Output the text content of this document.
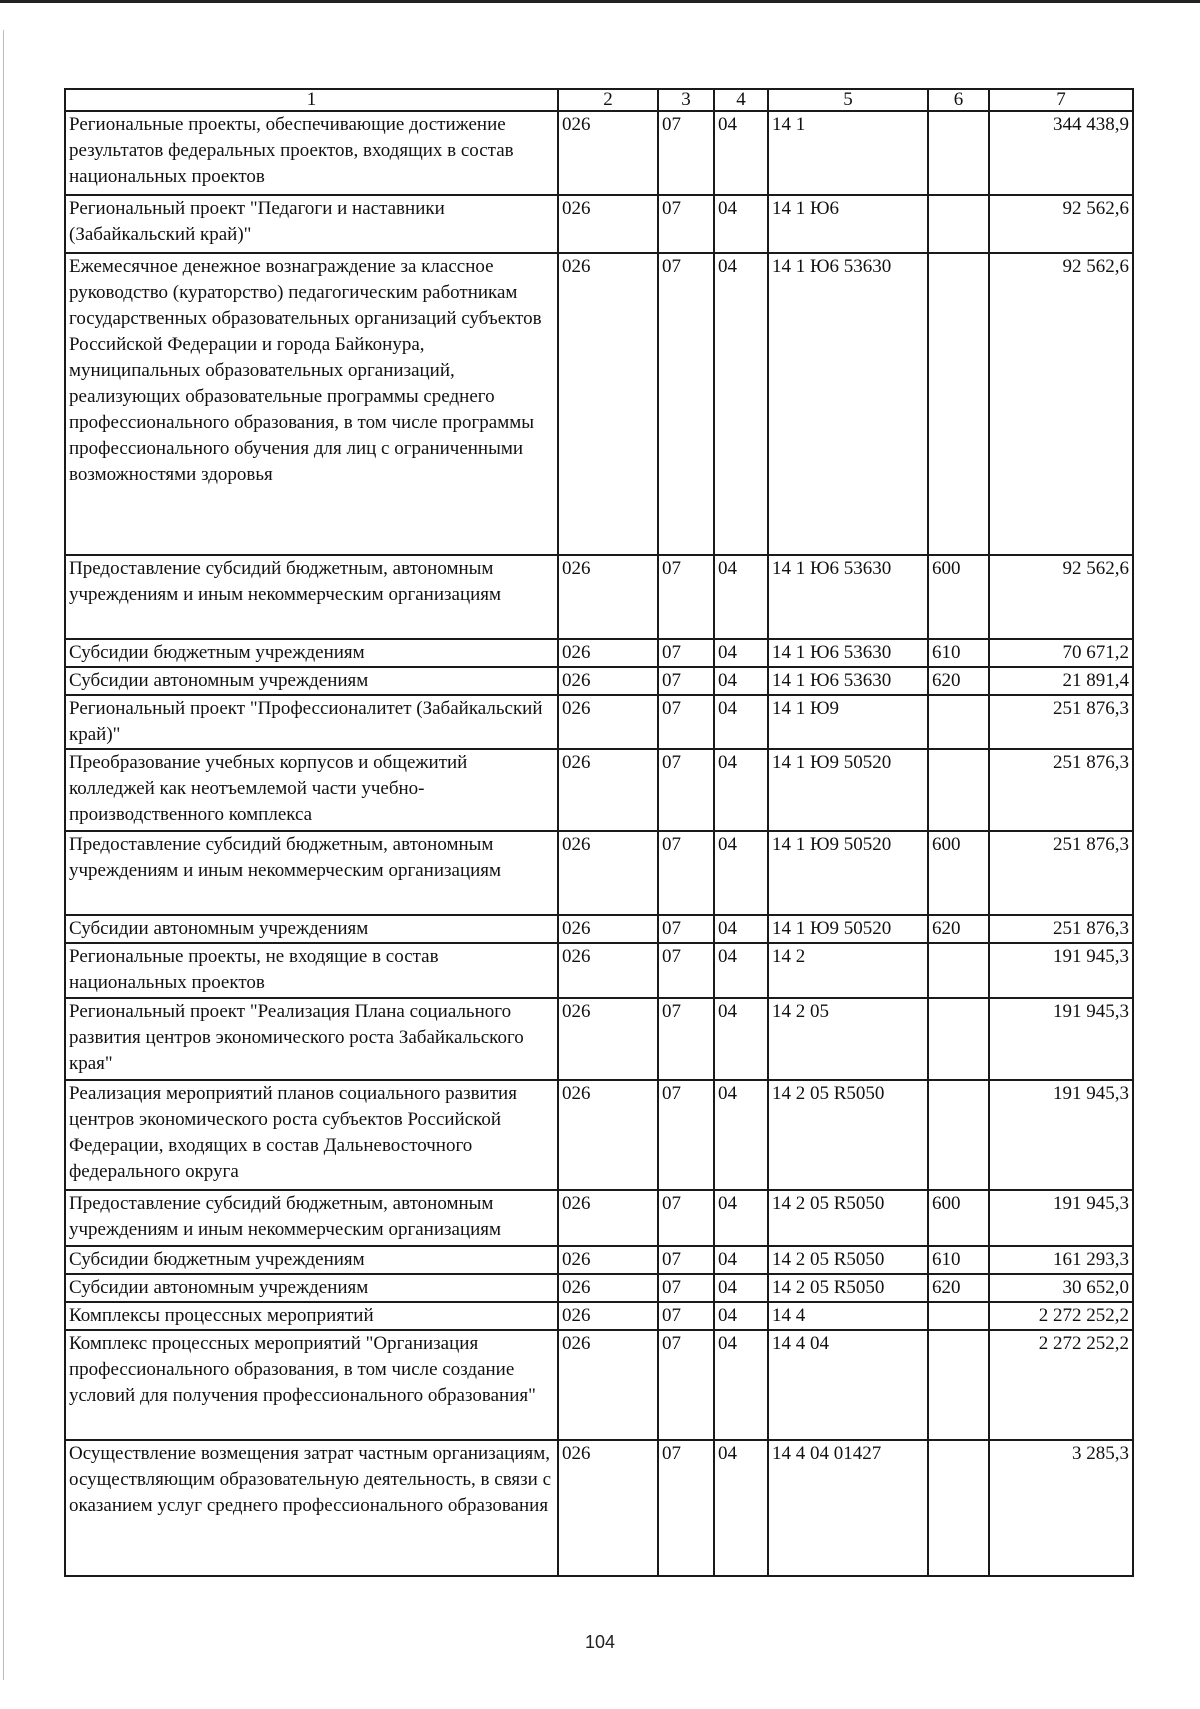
1	2	3	4	5	6	7
Региональные проекты, обеспечивающие достижение результатов федеральных проектов, входящих в состав национальных проектов	026	07	04	14 1		344 438,9
Региональный проект "Педагоги и наставники (Забайкальский край)"	026	07	04	14 1 Ю6		92 562,6
Ежемесячное денежное вознаграждение за классное руководство (кураторство) педагогическим работникам государственных образовательных организаций субъектов Российской Федерации и города Байконура, муниципальных образовательных организаций, реализующих образовательные программы среднего профессионального образования, в том числе программы профессионального обучения для лиц с ограниченными возможностями здоровья	026	07	04	14 1 Ю6 53630		92 562,6
Предоставление субсидий бюджетным, автономным учреждениям и иным некоммерческим организациям	026	07	04	14 1 Ю6 53630	600	92 562,6
Субсидии бюджетным учреждениям	026	07	04	14 1 Ю6 53630	610	70 671,2
Субсидии автономным учреждениям	026	07	04	14 1 Ю6 53630	620	21 891,4
Региональный проект "Профессионалитет (Забайкальский край)"	026	07	04	14 1 Ю9		251 876,3
Преобразование учебных корпусов и общежитий колледжей как неотъемлемой части учебно-производственного комплекса	026	07	04	14 1 Ю9 50520		251 876,3
Предоставление субсидий бюджетным, автономным учреждениям и иным некоммерческим организациям	026	07	04	14 1 Ю9 50520	600	251 876,3
Субсидии автономным учреждениям	026	07	04	14 1 Ю9 50520	620	251 876,3
Региональные проекты, не входящие в состав национальных проектов	026	07	04	14 2		191 945,3
Региональный проект "Реализация Плана социального развития центров экономического роста Забайкальского края"	026	07	04	14 2 05		191 945,3
Реализация мероприятий планов социального развития центров экономического роста субъектов Российской Федерации, входящих в состав Дальневосточного федерального округа	026	07	04	14 2 05 R5050		191 945,3
Предоставление субсидий бюджетным, автономным учреждениям и иным некоммерческим организациям	026	07	04	14 2 05 R5050	600	191 945,3
Субсидии бюджетным учреждениям	026	07	04	14 2 05 R5050	610	161 293,3
Субсидии автономным учреждениям	026	07	04	14 2 05 R5050	620	30 652,0
Комплексы процессных мероприятий	026	07	04	14 4		2 272 252,2
Комплекс процессных мероприятий "Организация профессионального образования, в том числе создание условий для получения профессионального образования"	026	07	04	14 4 04		2 272 252,2
Осуществление возмещения затрат частным организациям, осуществляющим образовательную деятельность, в связи с оказанием услуг среднего профессионального образования	026	07	04	14 4 04 01427		3 285,3
104
